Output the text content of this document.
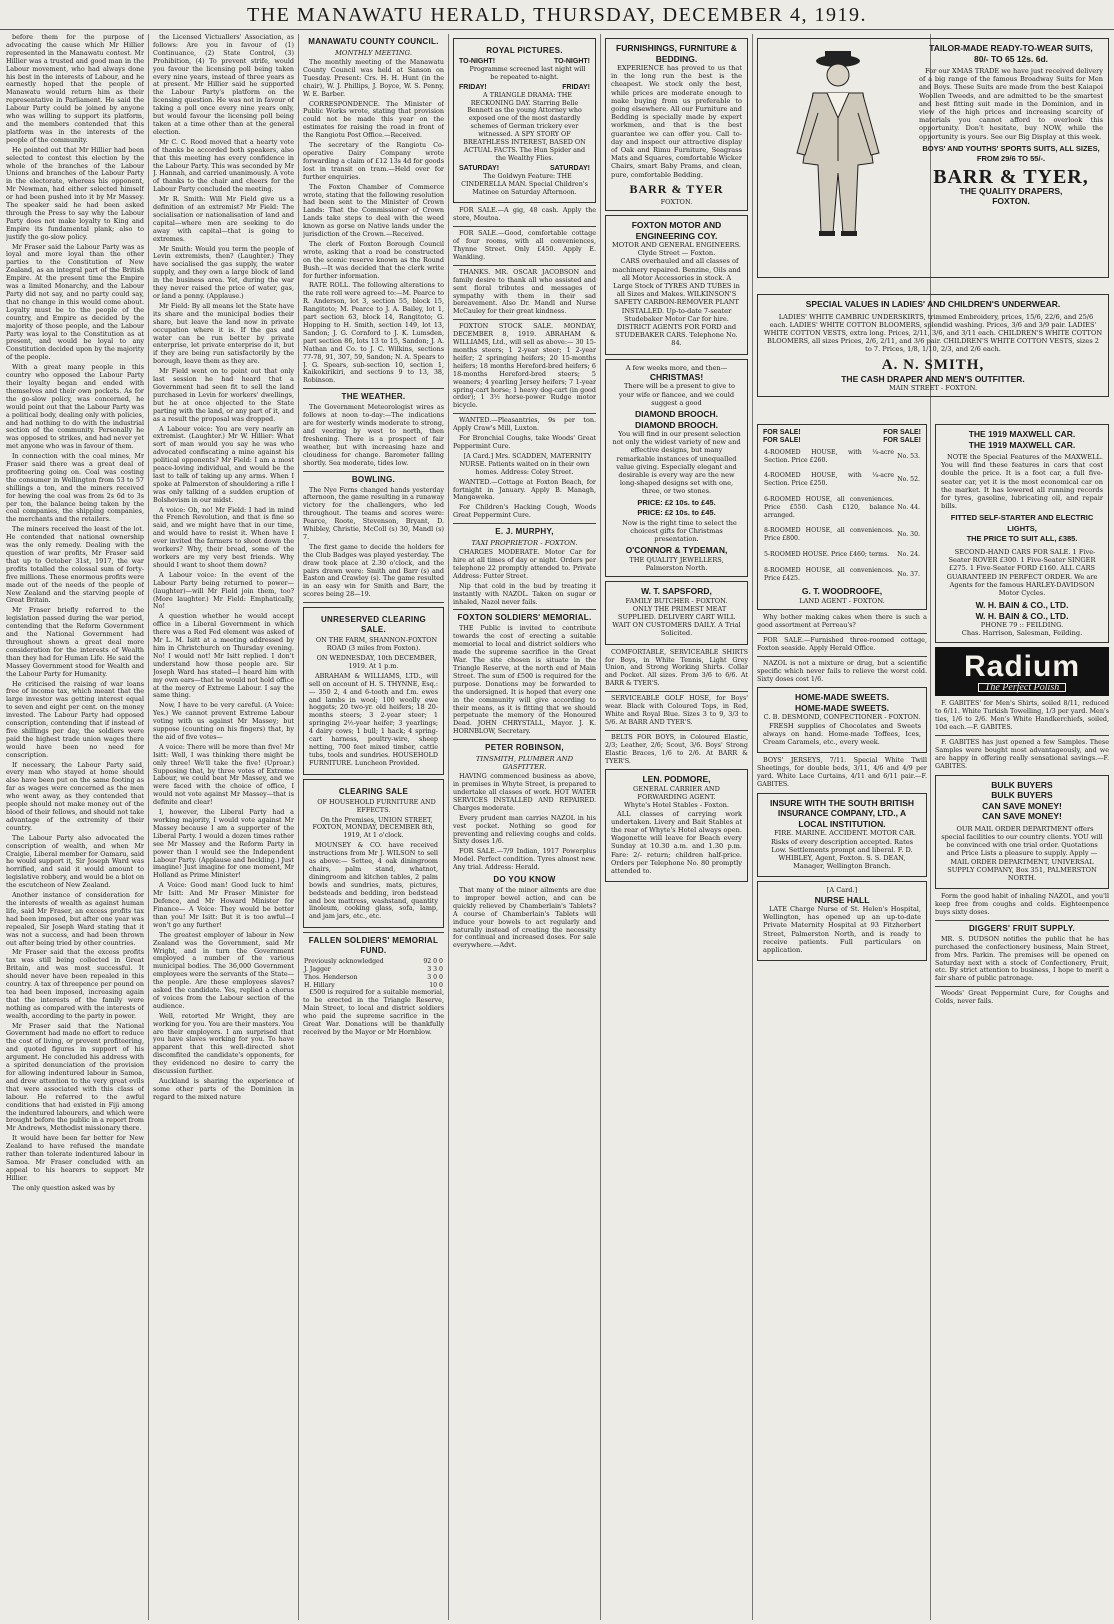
THE MANAWATU HERALD, THURSDAY, DECEMBER 4, 1919.

before them for the purpose of advocating the cause which Mr Hillier represented in the Manawatu contest. Mr Hillier was a trusted and good man in the Labour movement, who had always done his best in the interests of Labour, and he earnestly hoped that the people of Manawatu would return him as their representative in Parliament. He said the Labour Party could be joined by anyone who was willing to support its platform, and the members contended that this platform was in the interests of the people of the community.

He pointed out that Mr Hillier had been selected to contest this election by the whole of the branches of the Labour Unions and branches of the Labour Party in the electorate, whereas his opponent, Mr Newman, had either selected himself or had been pushed into it by Mr Massey. The speaker said he had been asked through the Press to say why the Labour Party does not make loyalty to King and Empire its fundamental plank; also to justify the go-slow policy.

Mr Fraser said the Labour Party was as loyal and more loyal than the other parties to the Constitution of New Zealand, as an integral part of the British Empire. At the present time the Empire was a limited Monarchy, and the Labour Party did not say, and no party could say, that no change in this would come about. Loyalty must be to the people of the country, and Empire as decided by the majority of those people, and the Labour Party was loyal to the Constitution as at present, and would be loyal to any Constitution decided upon by the majority of the people.

With a great many people in this country who opposed the Labour Party their loyalty began and ended with themselves and their own pockets. As for the go-slow policy, was concerned, he would point out that the Labour Party was a political body, dealing only with policies, and had nothing to do with the industrial section of the community. Personally he was opposed to strikes, and had never yet met anyone who was in favour of them.

In connection with the coal mines, Mr Fraser said there was a great deal of profiteering going on. Coal was costing the consumer in Wellington from 53 to 57 shillings a ton, and the miners received for hewing the coal was from 2s 6d to 3s per ton, the balance being taken by the coal companies, the shipping companies, the merchants and the retailers.

The miners received the least of the lot. He contended that national ownership was the only remedy. Dealing with the question of war profits, Mr Fraser said that up to October 31st, 1917, the war profits totalled the colossal sum of forty-five millions. These enormous profits were made out of the needs of the people of New Zealand and the starving people of Great Britain.

Mr Fraser briefly referred to the legislation passed during the war period, contending that the Reform Government and the National Government had throughout shown a great deal more consideration for the interests of Wealth than they had for Human Life. He said the Massey Government stood for Wealth and the Labour Party for Humanity.

He criticised the raising of war loans free of income tax, which meant that the large investor was getting interest equal to seven and eight per cent. on the money invested. The Labour Party had opposed conscription, contending that if instead of five shillings per day, the soldiers were paid the highest trade union wages there would have been no need for conscription.

If necessary, the Labour Party said, every man who stayed at home should also have been put on the same footing as far as wages were concerned as the men who went away, as they contended that people should not make money out of the blood of their fellows, and should not take advantage of the extremity of their country.

The Labour Party also advocated the conscription of wealth, and when Mr Craigie, Liberal member for Oamaru, said he would support it, Sir Joseph Ward was horrified, and said it would amount to legislative robbery, and would be a blot on the escutcheon of New Zealand.

Another instance of consideration for the interests of wealth as against human life, said Mr Fraser, an excess profits tax had been imposed, but after one year was repealed, Sir Joseph Ward stating that it was not a success, and had been thrown out after being tried by other countries.

Mr Fraser said that the excess profits tax was still being collected in Great Britain, and was most successful. It should never have been repealed in this country. A tax of threepence per pound on tea had been imposed, increasing again that the interests of the family were nothing as compared with the interests of wealth, according to the party in power.

Mr Fraser said that the National Government had made no effort to reduce the cost of living, or prevent profiteering, and quoted figures in support of his argument. He concluded his address with a spirited denunciation of the provision for allowing indentured labour in Samoa, and drew attention to the very great evils that were associated with this class of labour. He referred to the awful conditions that had existed in Fiji among the indentured labourers, and which were brought before the public in a report from Mr Andrews, Methodist missionary there.

It would have been far better for New Zealand to have refused the mandate rather than tolerate indentured labour in Samoa. Mr Fraser concluded with an appeal to his hearers to support Mr Hillier.

The only question asked was by

the Licensed Victuallers' Association, as follows: Are you in favour of (1) Continuance, (2) State Control, (3) Prohibition, (4) To prevent strife, would you favour the licensing poll being taken every nine years, instead of three years as at present. Mr Hillier said he supported the Labour Party's platform on the licensing question. He was not in favour of taking a poll once every nine years only, but would favour the licensing poll being taken at a time other than at the general election.

Mr C. C. Rood moved that a hearty vote of thanks be accorded both speakers, also that this meeting has every confidence in the Labour Party. This was seconded by Mr J. Hannah, and carried unanimously. A vote of thanks to the chair and cheers for the Labour Party concluded the meeting.

Mr R. Smith: Will Mr Field give us a definition of an extremist? Mr Field: The socialisation or nationalisation of land and capital—where men are seeking to do away with capital—that is going to extremes.

Mr Smith: Would you term the people of Levin extremists, then? (Laughter.) They have socialised the gas supply, the water supply, and they own a large block of land in the business area. Yet, during the war they never raised the price of water, gas, or land a penny. (Applause.)

Mr Field: By all means let the State have its share and the municipal bodies their share, but leave the land now in private occupation where it is. If the gas and water can be run better by private enterprise, let private enterprise do it, but if they are being run satisfactorily by the borough, leave them as they are.

Mr Field went on to point out that only last session he had heard that a Government had seen fit to sell the land purchased in Levin for workers' dwellings, but he at once objected to the State parting with the land, or any part of it, and as a result the proposal was dropped.

A Labour voice: You are very nearly an extremist. (Laughter.) Mr W. Hillier: What sort of man would you say he was who advocated confiscating a mine against his political opponents? Mr Field: I am a most peace-loving individual, and would be the last to talk of taking up any arms. When I spoke at Palmerston of shouldering a rifle I was only talking of a sudden eruption of Bolshevism in our midst.

A voice: Oh, no! Mr Field: I had in mind the French Revolution, and that is fine so said, and we might have that in our time, and would have to resist it. When have I ever invited the farmers to shoot down the workers? Why, their bread, some of the workers are my very best friends. Why should I want to shoot them down?

A Labour voice: In the event of the Labour Party being returned to power—(laughter)—will Mr Field join them, too? (More laughter.) Mr Field: Emphatically, No!

A question whether he would accept office in a Liberal Government in which there was a Red Fed element was asked of Mr L. M. Isitt at a meeting addressed by him in Christchurch on Thursday evening. No! I would not! Mr Isitt replied. I don't understand how those people are. Sir Joseph Ward has stated—I heard him with my own ears—that he would not hold office at the mercy of Extreme Labour. I say the same thing.

Now, I have to be very careful. (A Voice: Yes.) We cannot prevent Extreme Labour voting with us against Mr Massey; but suppose (counting on his fingers) that, by the aid of five votes—

A voice: There will be more than five! Mr Isitt: Well, I was thinking there might be only three! We'll take the five! (Uproar.) Supposing that, by three votes of Extreme Labour, we could beat Mr Massey, and we were faced with the choice of office, I would not vote against Mr Massey—that is definite and clear!

I, however, the Liberal Party had a working majority, I would vote against Mr Massey because I am a supporter of the Liberal Party. I would a dozen times rather see Mr Massey and the Reform Party in power than I would see the Independent Labour Party. (Applause and heckling.) Just imagine! Just imagine for one moment, Mr Holland as Prime Minister!

A Voice: Good man! Good luck to him! Mr Isitt: And Mr Fraser Minister for Defence, and Mr Howard Minister for Finance— A Voice: They would be better than you! Mr Isitt: But it is too awful—I won't go any further!

The greatest employer of labour in New Zealand was the Government, said Mr Wright, and in turn the Government employed a number of the various municipal bodies. The 36,000 Government employees were the servants of the State—the people. Are these employees slaves? asked the candidate. Yes, replied a chorus of voices from the Labour section of the audience.

Well, retorted Mr Wright, they are working for you. You are their masters. You are their employers. I am surprised that you have slaves working for you. To have apparent that this well-directed shot discomfited the candidate's opponents, for they evidenced no desire to carry the discussion further.

Auckland is sharing the experience of some other parts of the Dominion in regard to the mixed nature

MANAWATU COUNTY COUNCIL.
MONTHLY MEETING.

The monthly meeting of the Manawatu County Council was held at Sanson on Tuesday. Present: Crs. H. H. Hunt (in the chair), W. J. Phillips, J. Boyce, W. S. Penny, W. E. Barber.

CORRESPONDENCE. The Minister of Public Works wrote, stating that provision could not be made this year on the estimates for raising the road in front of the Rangiotu Post Office.—Received.

The secretary of the Rangiotu Co-operative Dairy Company wrote forwarding a claim of £12 13s 4d for goods lost in transit on tram.—Held over for further enquiries.

The Foxton Chamber of Commerce wrote, stating that the following resolution had been sent to the Minister of Crown Lands: That the Commissioner of Crown Lands take steps to deal with the weed known as gorse on Native lands under the jurisdiction of the Crown.—Received.

The clerk of Foxton Borough Council wrote, asking that a road be constructed on the scenic reserve known as the Round Bush.—It was decided that the clerk write for further information.

RATE ROLL. The following alterations to the rate roll were agreed to:—M. Pearce to R. Anderson, lot 3, section 55, block 15, Rangitoto; M. Pearce to J. A. Bailey, lot 1, part section 63, block 14, Rangitoto; G. Hopping to H. Smith, section 149, lot 13, Sandon; J. G. Cornford to J. K. Lumsden, part section 86, lots 13 to 15, Sandon; J. A. Nathan and Co. to J. C. Wilkins, sections 77-78, 91, 307, 59, Sandon; N. A. Spears to J. G. Spears, sub-section 10, section 1, Kaikokirikiri, and sections 9 to 13, 38, Robinson.

THE WEATHER.

The Government Meteorologist wires as follows at noon to-day:—The indications are for westerly winds moderate to strong, and veering by west to north, then freshening. There is a prospect of fair weather, but with increasing haze and cloudiness for change. Barometer falling shortly. Sea moderate, tides low.

BOWLING.

The Nye Ferns changed hands yesterday afternoon, the game resulting in a runaway victory for the challengers, who led throughout. The teams and scores were: Pearce, Roote, Stevenson, Bryant, D. Whibley, Christie, McColl (s) 30, Mandl (s) 7.

The first game to decide the holders for the Club Badges was played yesterday. The draw took place at 2.30 o'clock, and the pairs drawn were: Smith and Barr (s) and Easton and Crawley (s). The game resulted in an easy win for Smith and Barr, the scores being 28—19.

UNRESERVED CLEARING SALE.

ON THE FARM, SHANNON-FOXTON ROAD (3 miles from Foxton).

ON WEDNESDAY, 10th DECEMBER, 1919. At 1 p.m.

ABRAHAM & WILLIAMS, LTD., will sell on account of H. S. THYNNE, Esq.:— 350 2, 4 and 6-tooth and f.m. ewes and lambs in wool; 100 woolly ewe hoggets; 20 two-yr. old heifers; 18 20-months steers; 3 2-year steer; 1 springing 2½-year heifer; 3 yearlings; 4 dairy cows; 1 bull; 1 hack; 4 spring-cart harness, poultry-wire, sheep netting, 700 feet mixed timber, cattle tubs, tools and sundries. HOUSEHOLD FURNITURE. Luncheon Provided.

CLEARING SALE

OF HOUSEHOLD FURNITURE AND EFFECTS.

On the Premises, UNION STREET, FOXTON, MONDAY, DECEMBER 8th, 1919, At 1 o'clock.

MOUNSEY & CO. have received instructions from Mr J. WILSON to sell as above:— Settee, 4 oak diningroom chairs, palm stand, whatnot, diningroom and kitchen tables, 2 palm bowls and sundries, mats, pictures, bedsteads and bedding, iron bedstead and box mattress, washstand, quantity linoleum, cooking glass, sofa, lamp, and jam jars, etc., etc.

FALLEN SOLDIERS' MEMORIAL FUND.
Previously acknowledged	92 0 0
J. Jagger	3 3 0
Thos. Henderson	3 0 0
H. Hillary	10 0

£500 is required for a suitable memorial, to be erected in the Triangle Reserve, Main Street, to local and district soldiers who paid the supreme sacrifice in the Great War. Donations will be thankfully received by the Mayor or Mr Hornblow.

ROYAL PICTURES.
TO-NIGHT!	TO-NIGHT!

Programme screened last night will be repeated to-night.

FRIDAY!	FRIDAY!

A TRIANGLE DRAMA: THE RECKONING DAY. Starring Belle Bennett as the young Attorney who exposed one of the most dastardly schemes of German trickery ever witnessed. A SPY STORY OF BREATHLESS INTEREST, BASED ON ACTUAL FACTS. The Hun Spider and the Wealthy Flies.

SATURDAY!	SATURDAY!

The Goldwyn Feature: THE CINDERELLA MAN. Special Children's Matinee on Saturday Afternoon.

FOR SALE.—A gig, 48 cash. Apply the store, Moutoa.

FOR SALE.—Good, comfortable cottage of four rooms, with all conveniences, Thynne Street. Only £450. Apply E. Wankling.

THANKS. MR. OSCAR JACOBSON and family desire to thank all who assisted and sent floral tributes and messages of sympathy with them in their sad bereavement. Also Dr. Mandl and Nurse McCauley for their great kindness.

FOXTON STOCK SALE. MONDAY, DECEMBER 8, 1919. ABRAHAM & WILLIAMS, Ltd., will sell as above:— 30 15-months steers; 1 2-year steer; 1 2-year heifer; 2 springing heifers; 20 15-months heifers; 18 months Hereford-bred heifers; 6 18-months Hereford-bred steers; 5 weaners; 4 yearling Jersey heifers; 7 1-year spring-cart horse; 1 heavy dog-cart (in good order); 1 3½ horse-power Rudge motor bicycle.

WANTED.—Pleasantries, 9s per ton. Apply Craw's Mill, Luxton.

For Bronchial Coughs, take Woods' Great Peppermint Cure.

[A Card.] Mrs. SCADDEN, MATERNITY NURSE. Patients waited on in their own homes. Address: Coley Street.

WANTED.—Cottage at Foxton Beach, for fortnight in January. Apply B. Managh, Mangaweka.

For Children's Hacking Cough, Woods Great Peppermint Cure.

E. J. MURPHY,
TAXI PROPRIETOR - FOXTON.

CHARGES MODERATE. Motor Car for hire at all times of day or night. Orders per telephone 22 promptly attended to. Private Address: Futter Street.

Nip that cold in the bud by treating it instantly with NAZOL. Taken on sugar or inhaled, Nazol never fails.

FOXTON SOLDIERS' MEMORIAL.

THE Public is invited to contribute towards the cost of erecting a suitable memorial to local and district soldiers who made the supreme sacrifice in the Great War. The site chosen is situate in the Triangle Reserve, at the north end of Main Street. The sum of £500 is required for the purpose. Donations may be forwarded to the undersigned. It is hoped that every one in the community will give according to their means, as it is fitting that we should perpetuate the memory of the Honoured Dead. JOHN CHRYSTALL, Mayor. J. K. HORNBLOW, Secretary.

PETER ROBINSON,
TINSMITH, PLUMBER AND GASFITTER.

HAVING commenced business as above, in premises in Whyte Street, is prepared to undertake all classes of work. HOT WATER SERVICES INSTALLED AND REPAIRED. Charges moderate.

Every prudent man carries NAZOL in his vest pocket. Nothing so good for preventing and relieving coughs and colds. Sixty doses 1/6.

FOR SALE.—7/9 Indian, 1917 Powerplus Model. Perfect condition. Tyres almost new. Any trial. Address: Herald.

DO YOU KNOW

That many of the minor ailments are due to improper bowel action, and can be quickly relieved by Chamberlain's Tablets? A course of Chamberlain's Tablets will induce your bowels to act regularly and naturally instead of creating the necessity for continual and increased doses. For sale everywhere.—Advt.

FURNISHINGS, FURNITURE & BEDDING.

EXPERIENCE has proved to us that in the long run the best is the cheapest. We stock only the best, while prices are moderate enough to make buying from us preferable to going elsewhere. All our Furniture and Bedding is specially made by expert workmen, and that is the best guarantee we can offer you. Call to-day and inspect our attractive display of Oak and Rimu Furniture, Seagrass Mats and Squares, comfortable Wicker Chairs, smart Baby Prams, and clean, pure, comfortable Bedding.

BARR & TYER
FOXTON.
FOXTON MOTOR AND ENGINEERING COY.
MOTOR AND GENERAL ENGINEERS.
Clyde Street — Foxton.

CARS overhauled and all classes of machinery repaired. Benzine, Oils and all Motor Accessories in stock. A Large Stock of TYRES AND TUBES in all Sizes and Makes. WILKINSON'S SAFETY CARBON-REMOVER PLANT INSTALLED. Up-to-date 7-seater Studebaker Motor Car for hire. DISTRICT AGENTS FOR FORD and STUDEBAKER CARS. Telephone No. 84.

A few weeks more, and then—
CHRISTMAS!

There will be a present to give to your wife or fiancee, and we could suggest a good

DIAMOND BROOCH.
DIAMOND BROOCH.

You will find in our present selection not only the widest variety of new and effective designs, but many remarkable instances of unequalled value giving. Especially elegant and desirable is every way are the new long-shaped designs set with one, three, or two stones.

PRICE: £2 10s. to £45.
PRICE: £2 10s. to £45.

Now is the right time to select the choicest gifts for Christmas presentation.

O'CONNOR & TYDEMAN,
THE QUALITY JEWELLERS,
Palmerston North.
W. T. SAPSFORD,
FAMILY BUTCHER - FOXTON.

ONLY THE PRIMEST MEAT SUPPLIED. DELIVERY CART WILL WAIT ON CUSTOMERS DAILY. A Trial Solicited.

COMFORTABLE, SERVICEABLE SHIRTS for Boys, in White Tennis, Light Grey Union, and Strong Working Shirts. Collar and Pocket. All sizes. From 3/6 to 6/6. At BARR & TYER'S.

SERVICEABLE GOLF HOSE, for Boys' wear. Black with Coloured Tops, in Red, White and Royal Blue. Sizes 3 to 9, 3/3 to 5/6. At BARR AND TYER'S.

BELTS FOR BOYS, in Coloured Elastic, 2/3; Leather, 2/6; Scout, 3/6. Boys' Strong Elastic Braces, 1/6 to 2/6. At BARR & TYER'S.

LEN. PODMORE,
GENERAL CARRIER AND FORWARDING AGENT.
Whyte's Hotel Stables - Foxton.

ALL classes of carrying work undertaken. Livery and Bait Stables at the rear of Whyte's Hotel always open. Wagonette will leave for Beach every Sunday at 10.30 a.m. and 1.30 p.m. Fare: 2/- return; children half-price. Orders per Telephone No. 80 promptly attended to.

TAILOR-MADE READY-TO-WEAR SUITS,
80/- TO 65 12s. 6d.

For our XMAS TRADE we have just received delivery of a big range of the famous Broadway Suits for Men and Boys. These Suits are made from the best Kaiapoi Woollen Tweeds, and are admitted to be the smartest and best fitting suit made in the Dominion, and in view of the high prices and increasing scarcity of materials you cannot afford to overlook this opportunity. Don't hesitate, buy NOW, while the opportunity is yours. See our Big Display at this week.

BOYS' AND YOUTHS' SPORTS SUITS, ALL SIZES, FROM 29/6 TO 55/-.
BARR & TYER,
THE QUALITY DRAPERS,
FOXTON.
SPECIAL VALUES IN LADIES' AND CHILDREN'S UNDERWEAR.

LADIES' WHITE CAMBRIC UNDERSKIRTS, trimmed Embroidery, prices, 15/6, 22/6, and 25/6 each. LADIES' WHITE COTTON BLOOMERS, splendid washing. Prices, 3/6 and 3/9 pair. LADIES' WHITE COTTON VESTS, extra long. Prices, 2/11, 3/6, and 3/11 each. CHILDREN'S WHITE COTTON BLOOMERS, all sizes Prices, 2/6, 2/11, and 3/6 pair. CHILDREN'S WHITE COTTON VESTS, sizes 2 to 7. Prices, 1/8, 1/10, 2/3, and 2/6 each.

A. N. SMITH,
THE CASH DRAPER AND MEN'S OUTFITTER.
MAIN STREET - FOXTON.
FOR SALE!	FOR SALE!
FOR SALE!	FOR SALE!
4-ROOMED HOUSE, with ¼-acre Section. Price £260.	No. 53.

4-ROOMED HOUSE, with ¼-acre Section. Price £250.	No. 52.

6-ROOMED HOUSE, all conveniences. Price £550. Cash £120, balance arranged.	No. 44.

8-ROOMED HOUSE, all conveniences. Price £800.	No. 30.

5-ROOMED HOUSE. Price £460; terms.	No. 24.

8-ROOMED HOUSE, all conveniences. Price £425.	No. 37.
G. T. WOODROOFE,
LAND AGENT - FOXTON.

Why bother making cakes when there is such a good assortment at Perreau's?

FOR SALE.—Furnished three-roomed cottage, Foxton seaside. Apply Herald Office.

NAZOL is not a mixture or drug, but a scientific specific which never fails to relieve the worst cold. Sixty doses cost 1/6.

HOME-MADE SWEETS.
HOME-MADE SWEETS.
C. B. DESMOND, CONFECTIONER - FOXTON.

FRESH supplies of Chocolates and Sweets always on hand. Home-made Toffees, Ices, Cream Caramels, etc., every week.

BOYS' JERSEYS, 7/11. Special White Twill Sheetings, for double beds, 3/11, 4/6 and 4/9 per yard. White Lace Curtains, 4/11 and 6/11 pair.—F. GABITES.

INSURE WITH THE SOUTH BRITISH INSURANCE COMPANY, LTD., A LOCAL INSTITUTION.

FIRE. MARINE. ACCIDENT. MOTOR CAR. Risks of every description accepted. Rates Low. Settlements prompt and liberal. F. D. WHIBLEY, Agent, Foxton. S. S. DEAN, Manager, Wellington Branch.

[A Card.]
NURSE HALL

LATE Charge Nurse of St. Helen's Hospital, Wellington, has opened up an up-to-date Private Maternity Hospital at 93 Fitzherbert Street, Palmerston North, and is ready to receive patients. Full particulars on application.

THE 1919 MAXWELL CAR.
THE 1919 MAXWELL CAR.

NOTE the Special Features of the MAXWELL. You will find these features in cars that cost double the price. It is a foot car, a full five-seater car, yet it is the most economical car on the market. It has lowered all running records for tyres, gasoline, lubricating oil, and repair bills.

FITTED SELF-STARTER AND ELECTRIC LIGHTS,
THE PRICE TO SUIT ALL, £385.

SECOND-HAND CARS FOR SALE. 1 Five-Seater ROVER £300. 1 Five-Seater SINGER £275. 1 Five-Seater FORD £160. ALL CARS GUARANTEED IN PERFECT ORDER. We are Agents for the famous HARLEY-DAVIDSON Motor Cycles.

W. H. BAIN & CO., LTD.
W. H. BAIN & CO., LTD.
PHONE 79 :: FEILDING.
Chas. Harrison, Salesman, Feilding.
Radium
The Perfect Polish

F. GABITES' for Men's Shirts, soiled 8/11, reduced to 6/11. White Turkish Towelling, 1/3 per yard. Men's ties, 1/6 to 2/6. Men's White Handkerchiefs, soiled, 10d each.—F. GABITES.

F. GABITES has just opened a few Samples. These Samples were bought most advantageously, and we are happy in offering really sensational savings.—F. GABITES.

BULK BUYERS
BULK BUYERS
CAN SAVE MONEY!
CAN SAVE MONEY!

OUR MAIL ORDER DEPARTMENT offers special facilities to our country clients. YOU will be convinced with one trial order. Quotations and Price Lists a pleasure to supply. Apply — MAIL ORDER DEPARTMENT, UNIVERSAL SUPPLY COMPANY, Box 351, PALMERSTON NORTH.

Form the good habit of inhaling NAZOL, and you'll keep free from coughs and colds. Eighteenpence buys sixty doses.

DIGGERS' FRUIT SUPPLY.

MR. S. DUDSON notifies the public that he has purchased the confectionery business, Main Street, from Mrs. Parkin. The premises will be opened on Saturday next with a stock of Confectionery, Fruit, etc. By strict attention to business, I hope to merit a fair share of public patronage.

Woods' Great Peppermint Cure, for Coughs and Colds, never fails.
